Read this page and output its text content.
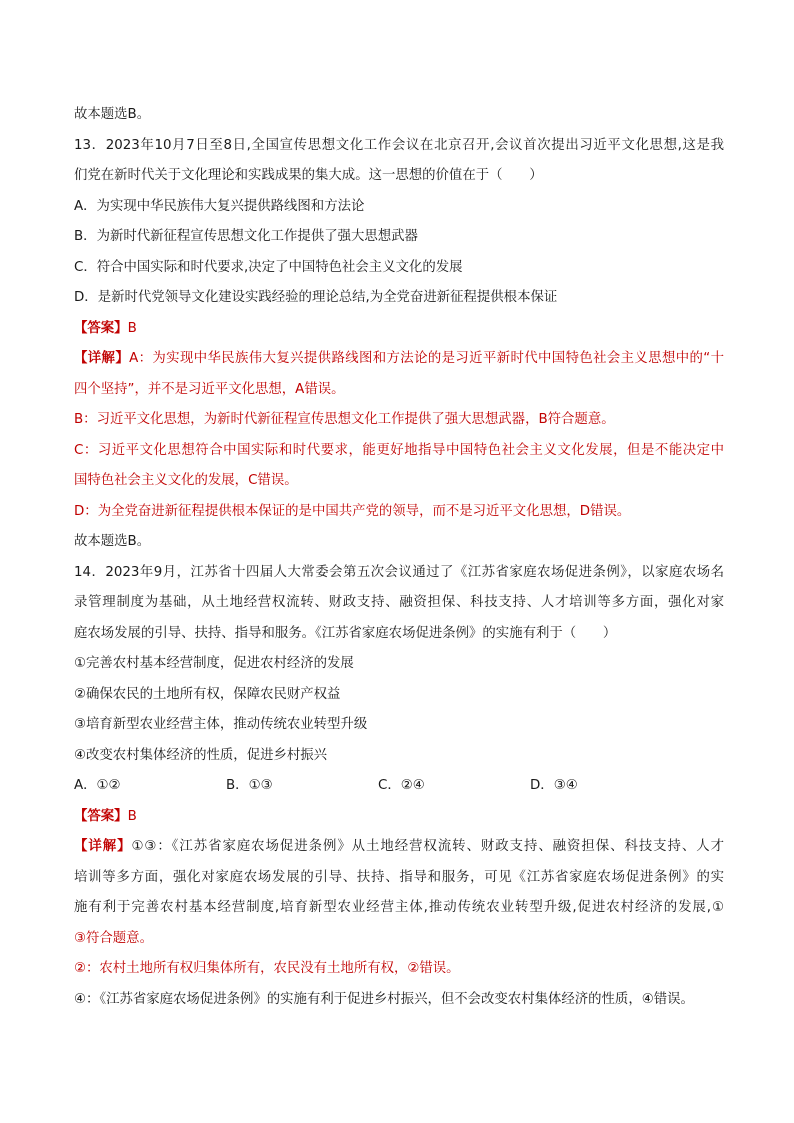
故本题选B。
13．2023年10月7日至8日,全国宣传思想文化工作会议在北京召开,会议首次提出习近平文化思想,这是我
们党在新时代关于文化理论和实践成果的集大成。这一思想的价值在于（　　）
A．为实现中华民族伟大复兴提供路线图和方法论
B．为新时代新征程宣传思想文化工作提供了强大思想武器
C．符合中国实际和时代要求,决定了中国特色社会主义文化的发展
D．是新时代党领导文化建设实践经验的理论总结,为全党奋进新征程提供根本保证
【答案】B
【详解】A：为实现中华民族伟大复兴提供路线图和方法论的是习近平新时代中国特色社会主义思想中的“十
四个坚持”，并不是习近平文化思想，A错误。
B：习近平文化思想，为新时代新征程宣传思想文化工作提供了强大思想武器，B符合题意。
C：习近平文化思想符合中国实际和时代要求，能更好地指导中国特色社会主义文化发展，但是不能决定中
国特色社会主义文化的发展，C错误。
D：为全党奋进新征程提供根本保证的是中国共产党的领导，而不是习近平文化思想，D错误。
故本题选B。
14．2023年9月，江苏省十四届人大常委会第五次会议通过了《江苏省家庭农场促进条例》，以家庭农场名
录管理制度为基础，从土地经营权流转、财政支持、融资担保、科技支持、人才培训等多方面，强化对家
庭农场发展的引导、扶持、指导和服务。《江苏省家庭农场促进条例》的实施有利于（　　）
①完善农村基本经营制度，促进农村经济的发展
②确保农民的土地所有权，保障农民财产权益
③培育新型农业经营主体，推动传统农业转型升级
④改变农村集体经济的性质，促进乡村振兴
A．①②	B．①③	C．②④	D．③④
【答案】B
【详解】①③：《江苏省家庭农场促进条例》从土地经营权流转、财政支持、融资担保、科技支持、人才
培训等多方面，强化对家庭农场发展的引导、扶持、指导和服务，可见《江苏省家庭农场促进条例》的实
施有利于完善农村基本经营制度,培育新型农业经营主体,推动传统农业转型升级,促进农村经济的发展,①
③符合题意。
②：农村土地所有权归集体所有，农民没有土地所有权，②错误。
④：《江苏省家庭农场促进条例》的实施有利于促进乡村振兴，但不会改变农村集体经济的性质，④错误。
